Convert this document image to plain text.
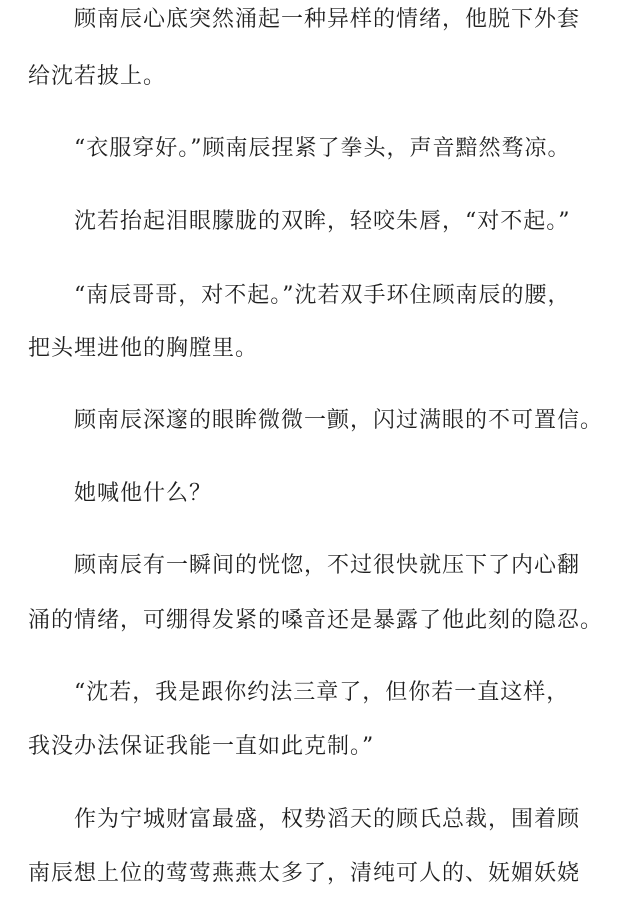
顾南辰心底突然涌起一种异样的情绪，他脱下外套
给沈若披上。
“衣服穿好。”顾南辰捏紧了拳头，声音黯然骛凉。
沈若抬起泪眼朦胧的双眸，轻咬朱唇，“对不起。”
“南辰哥哥，对不起。”沈若双手环住顾南辰的腰，
把头埋进他的胸膛里。
顾南辰深邃的眼眸微微一颤，闪过满眼的不可置信。
她喊他什么？
顾南辰有一瞬间的恍惚，不过很快就压下了内心翻
涌的情绪，可绷得发紧的嗓音还是暴露了他此刻的隐忍。
“沈若，我是跟你约法三章了，但你若一直这样，
我没办法保证我能一直如此克制。”
作为宁城财富最盛，权势滔天的顾氏总裁，围着顾
南辰想上位的莺莺燕燕太多了，清纯可人的、妩媚妖娆
